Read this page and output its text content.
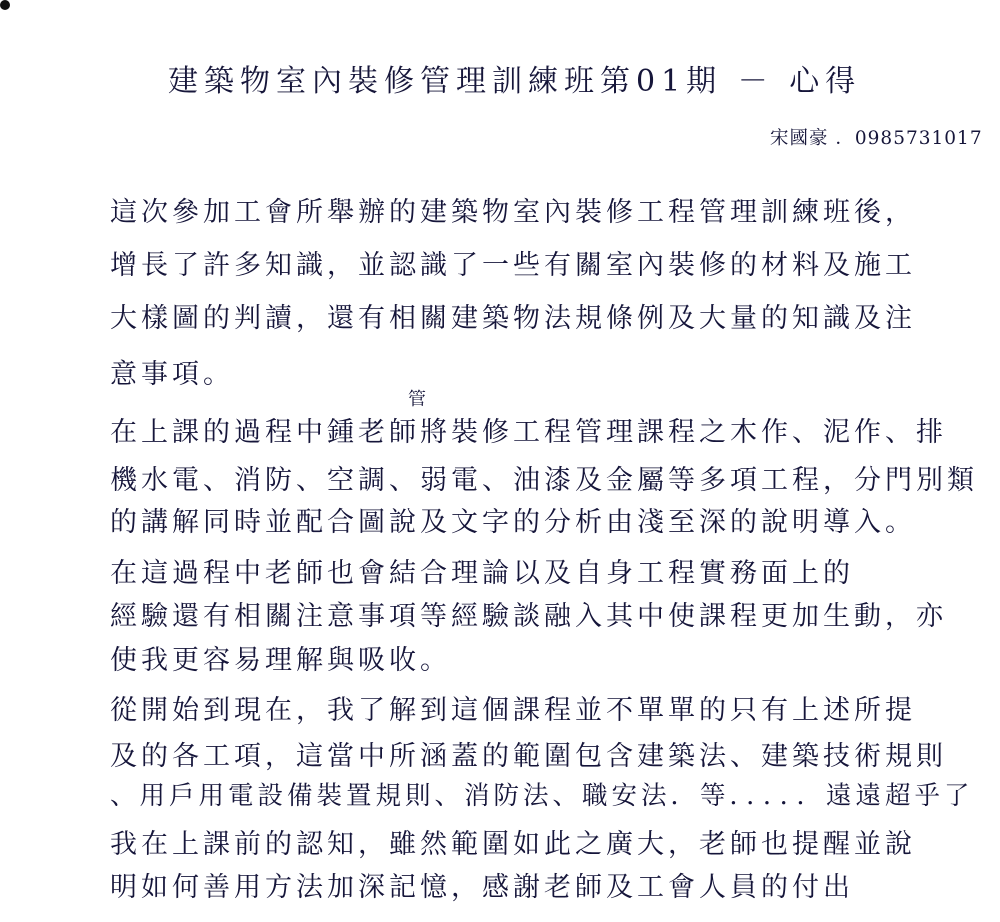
建築物室內裝修管理訓練班第01期 － 心得
宋國豪 ．0985731017
管
這次參加工會所舉辦的建築物室內裝修工程管理訓練班後，
增長了許多知識，並認識了一些有關室內裝修的材料及施工
大樣圖的判讀，還有相關建築物法規條例及大量的知識及注
意事項。
在上課的過程中鍾老師將裝修工程管理課程之木作、泥作、排
機水電、消防、空調、弱電、油漆及金屬等多項工程，分門別類
的講解同時並配合圖說及文字的分析由淺至深的說明導入。
在這過程中老師也會結合理論以及自身工程實務面上的
經驗還有相關注意事項等經驗談融入其中使課程更加生動，亦
使我更容易理解與吸收。
從開始到現在，我了解到這個課程並不單單的只有上述所提
及的各工項，這當中所涵蓋的範圍包含建築法、建築技術規則
、用戶用電設備裝置規則、消防法、職安法．等．．．．．遠遠超乎了
我在上課前的認知，雖然範圍如此之廣大，老師也提醒並說
明如何善用方法加深記憶，感謝老師及工會人員的付出
